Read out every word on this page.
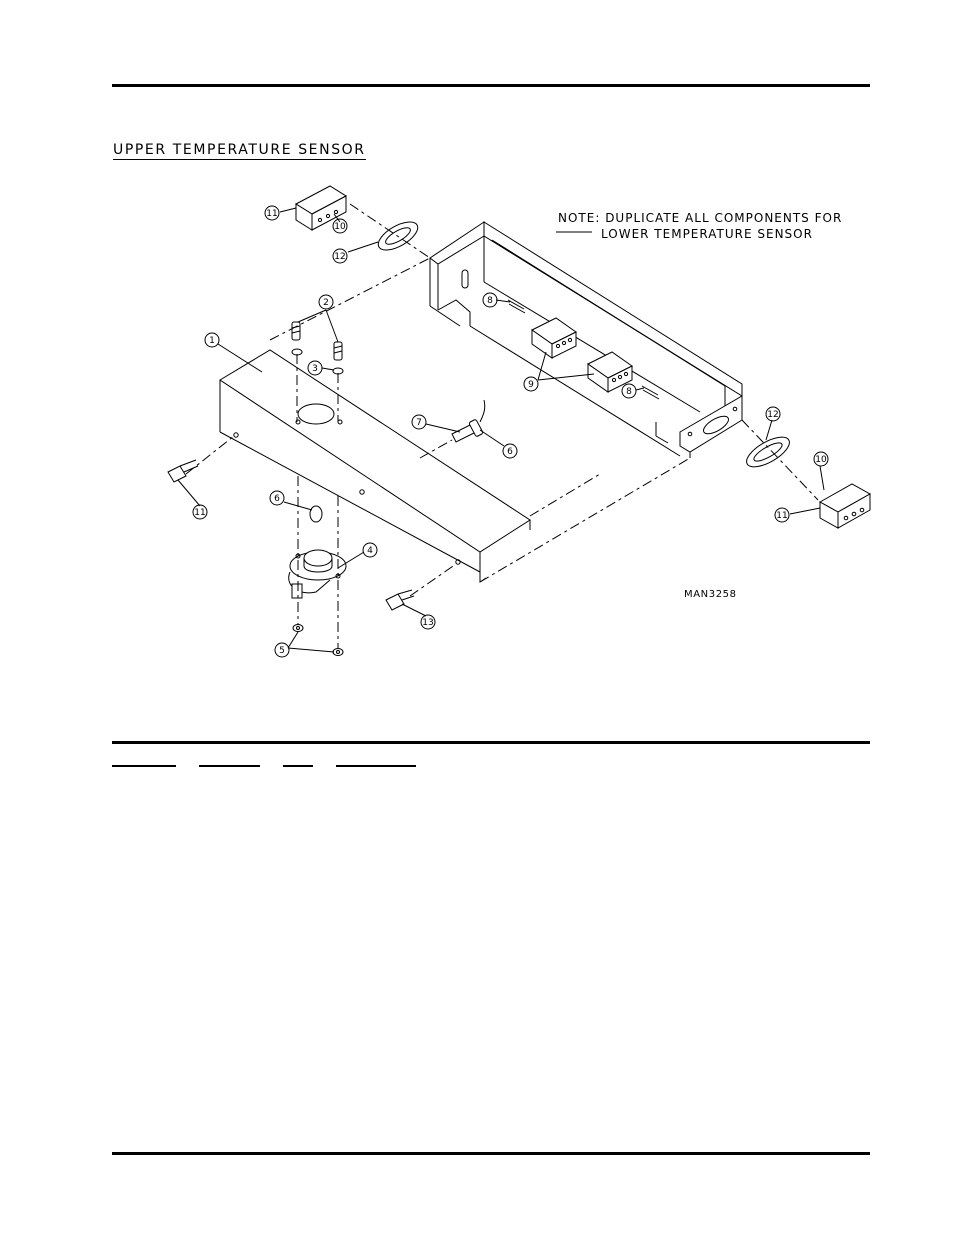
UPPER TEMPERATURE SENSOR
11
10
12
2
1
3
7
6
8
9
8
12
10
11
6
4
5
11
13
NOTE: DUPLICATE ALL COMPONENTS FOR
LOWER TEMPERATURE SENSOR
MAN3258
